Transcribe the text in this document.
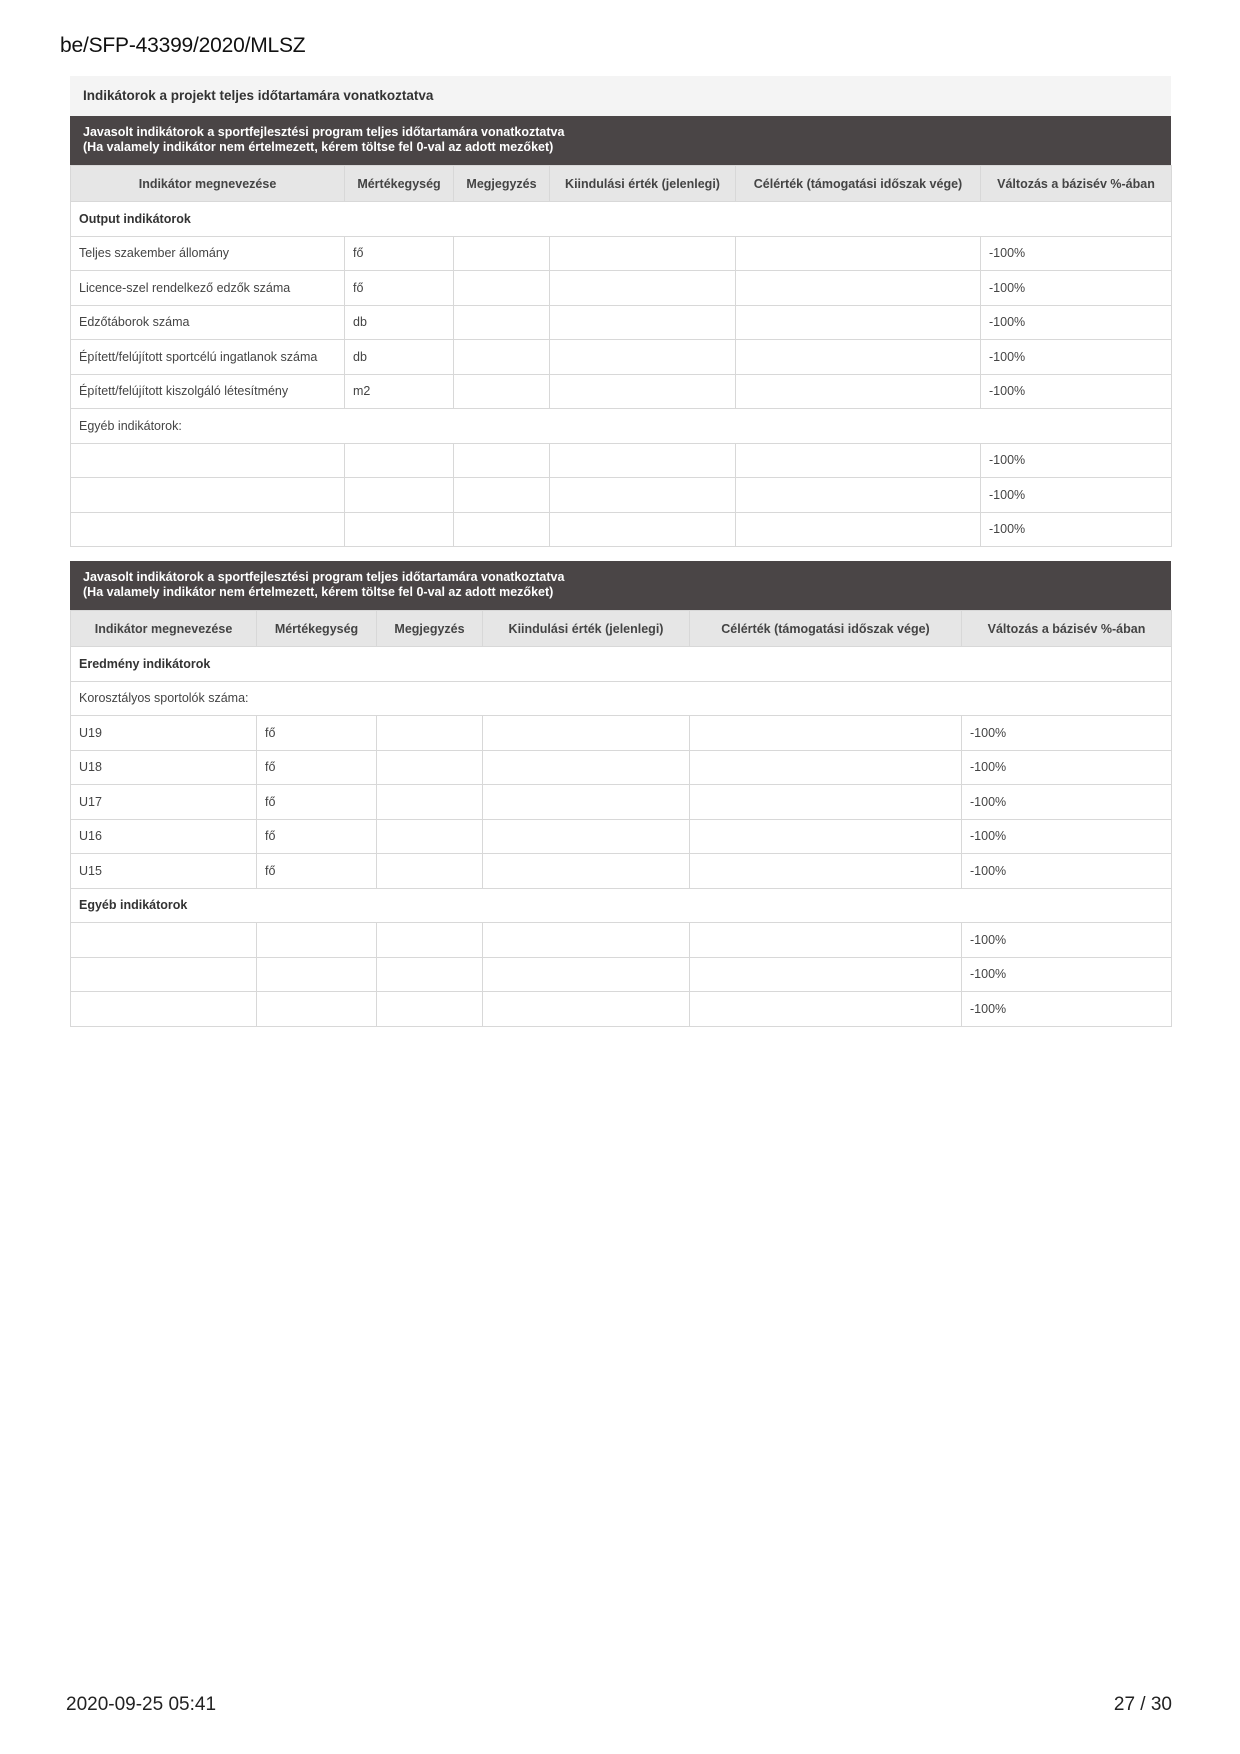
be/SFP-43399/2020/MLSZ
Indikátorok a projekt teljes időtartamára vonatkoztatva
Javasolt indikátorok a sportfejlesztési program teljes időtartamára vonatkoztatva
(Ha valamely indikátor nem értelmezett, kérem töltse fel 0-val az adott mezőket)
Indikátor megnevezése	Mértékegység	Megjegyzés	Kiindulási érték (jelenlegi)	Célérték (támogatási időszak vége)	Változás a bázisév %-ában
Output indikátorok					
Teljes szakember állomány	fő				-100%
Licence-szel rendelkező edzők száma	fő				-100%
Edzőtáborok száma	db				-100%
Épített/felújított sportcélú ingatlanok száma	db				-100%
Épített/felújított kiszolgáló létesítmény	m2				-100%
Egyéb indikátorok:					
					-100%
					-100%
					-100%
Javasolt indikátorok a sportfejlesztési program teljes időtartamára vonatkoztatva
(Ha valamely indikátor nem értelmezett, kérem töltse fel 0-val az adott mezőket)
Indikátor megnevezése	Mértékegység	Megjegyzés	Kiindulási érték (jelenlegi)	Célérték (támogatási időszak vége)	Változás a bázisév %-ában
Eredmény indikátorok					
Korosztályos sportolók száma:					
U19	fő				-100%
U18	fő				-100%
U17	fő				-100%
U16	fő				-100%
U15	fő				-100%
Egyéb indikátorok					
					-100%
					-100%
					-100%
2020-09-25 05:41	27 / 30
